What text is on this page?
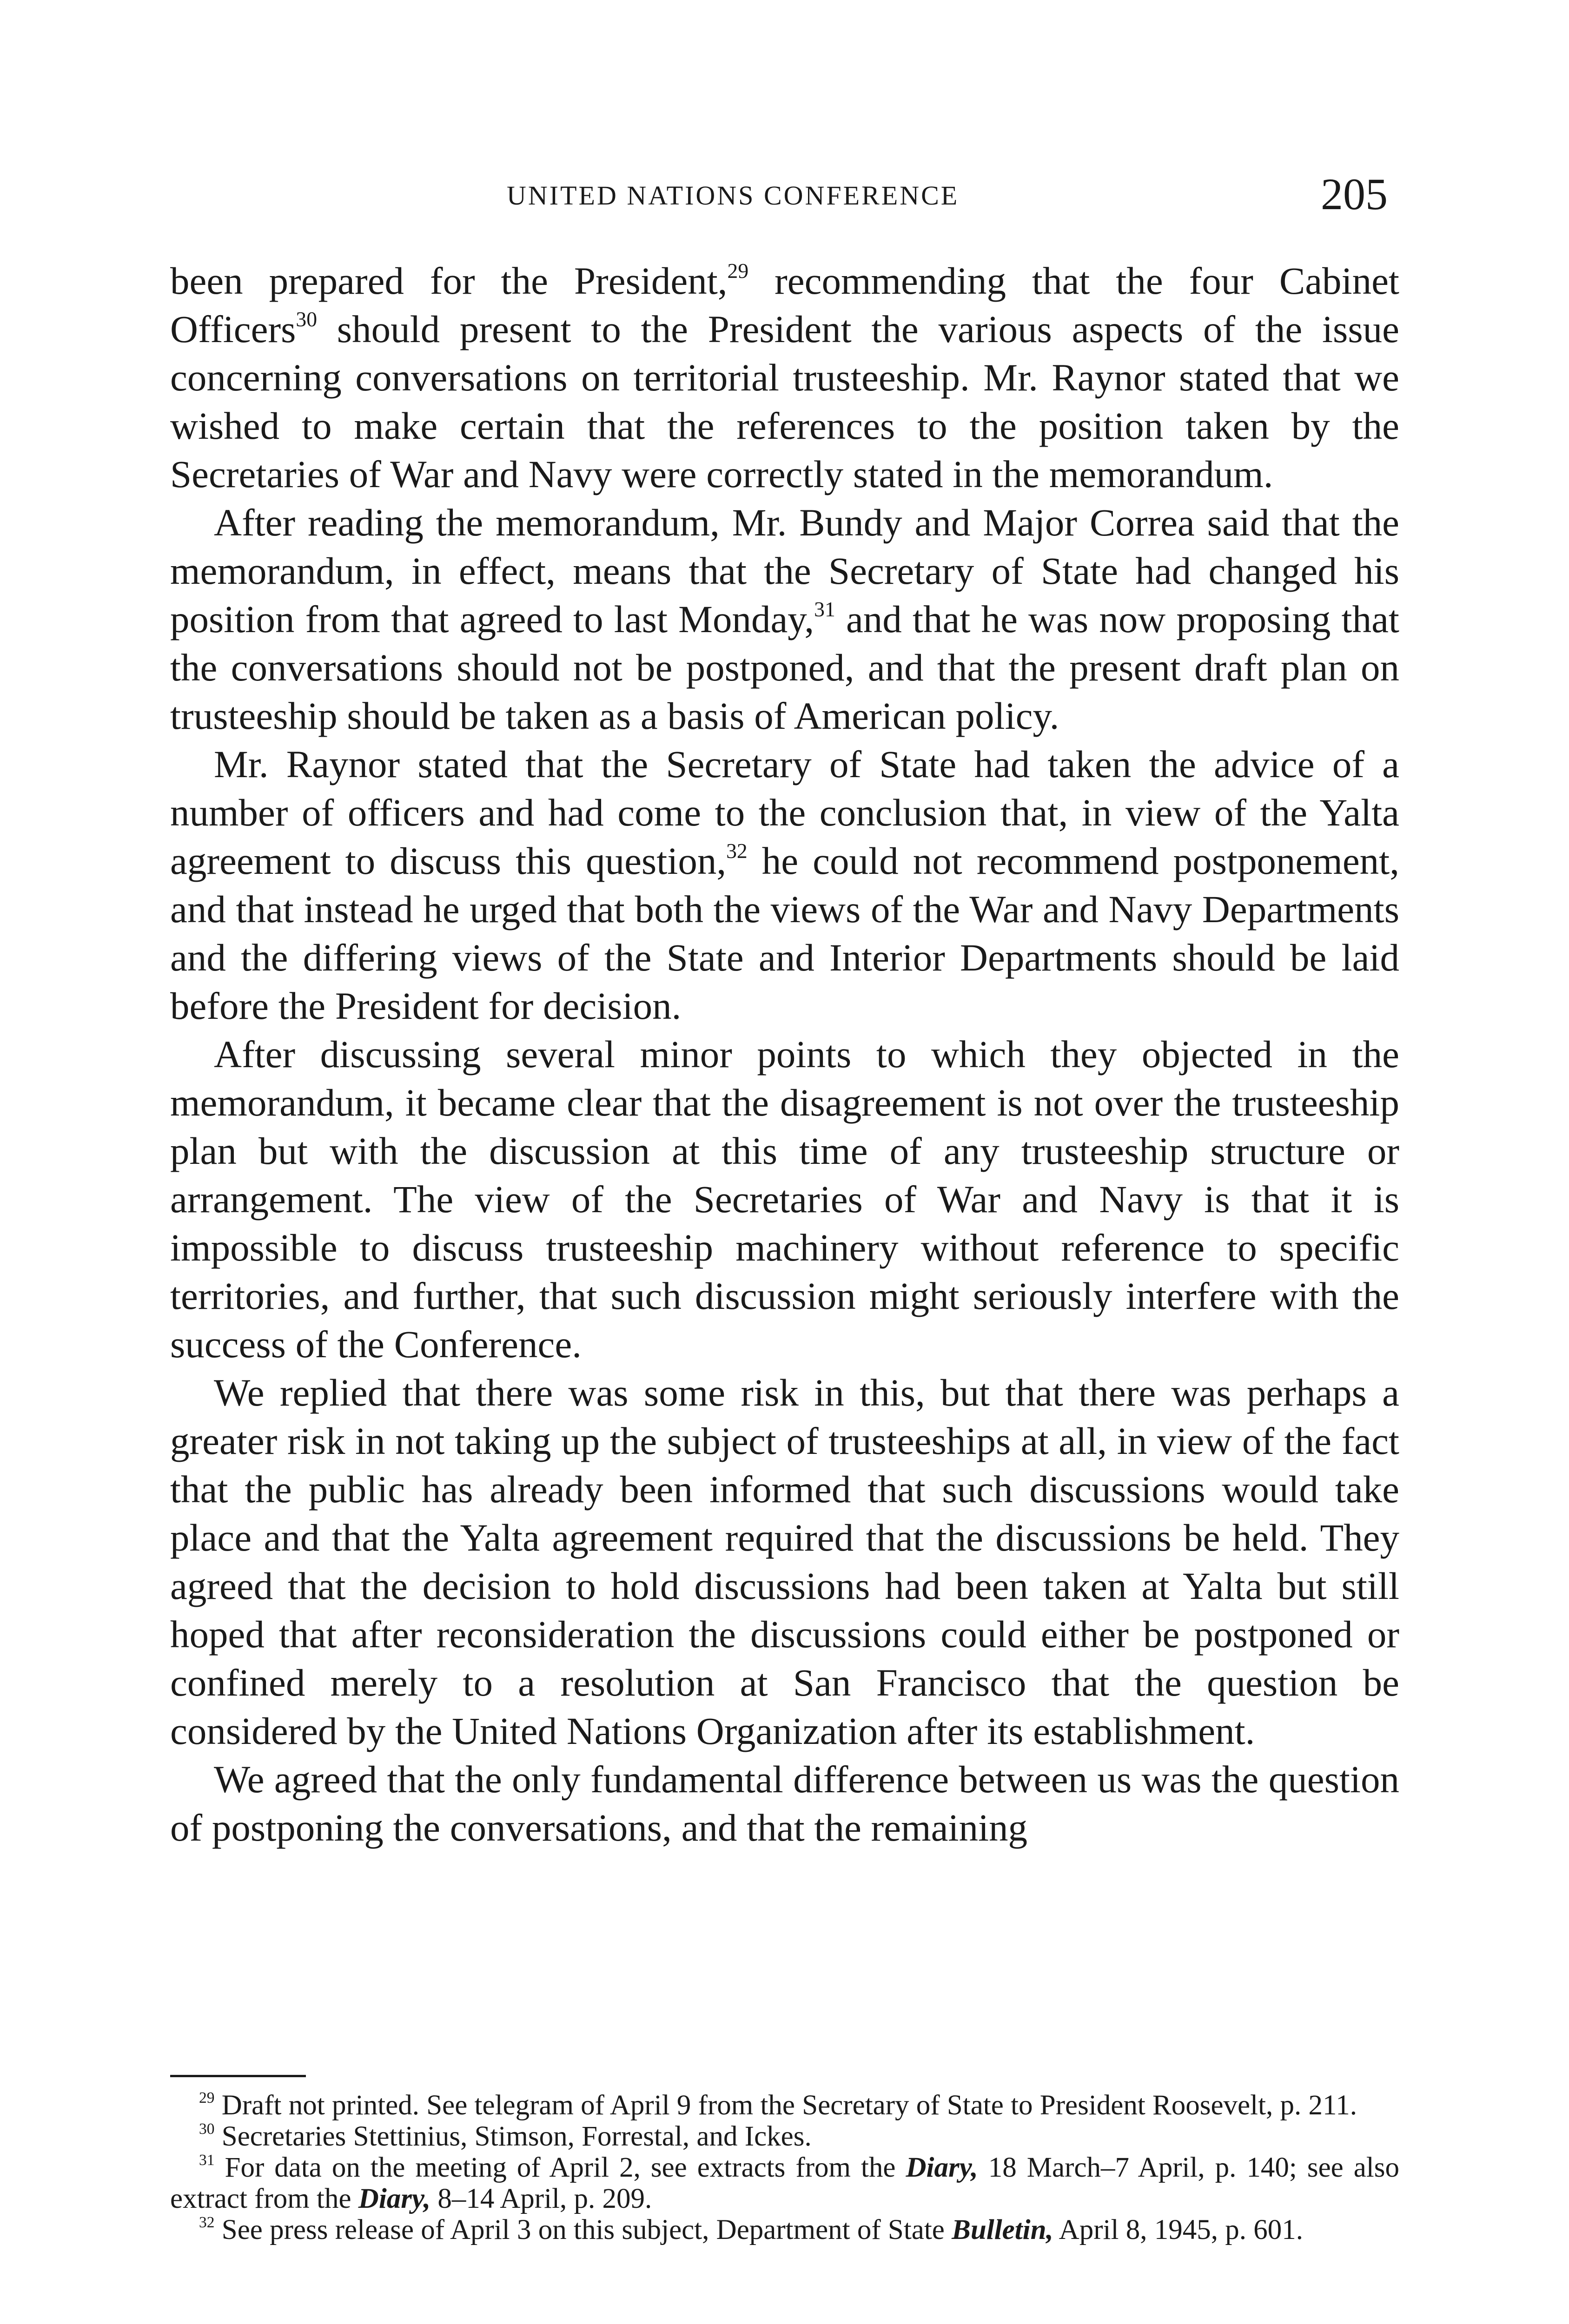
UNITED NATIONS CONFERENCE	205

been prepared for the President,$^{29}$ recommending that the four Cabinet Officers$^{30}$ should present to the President the various aspects of the issue concerning conversations on territorial trusteeship. Mr. Raynor stated that we wished to make certain that the references to the position taken by the Secretaries of War and Navy were correctly stated in the memorandum.

After reading the memorandum, Mr. Bundy and Major Correa said that the memorandum, in effect, means that the Secretary of State had changed his position from that agreed to last Monday,$^{31}$ and that he was now proposing that the conversations should not be postponed, and that the present draft plan on trusteeship should be taken as a basis of American policy.

Mr. Raynor stated that the Secretary of State had taken the advice of a number of officers and had come to the conclusion that, in view of the Yalta agreement to discuss this question,$^{32}$ he could not recommend postponement, and that instead he urged that both the views of the War and Navy Departments and the differing views of the State and Interior Departments should be laid before the President for decision.

After discussing several minor points to which they objected in the memorandum, it became clear that the disagreement is not over the trusteeship plan but with the discussion at this time of any trusteeship structure or arrangement. The view of the Secretaries of War and Navy is that it is impossible to discuss trusteeship machinery without reference to specific territories, and further, that such discussion might seriously interfere with the success of the Conference.

We replied that there was some risk in this, but that there was perhaps a greater risk in not taking up the subject of trusteeships at all, in view of the fact that the public has already been informed that such discussions would take place and that the Yalta agreement required that the discussions be held. They agreed that the decision to hold discussions had been taken at Yalta but still hoped that after reconsideration the discussions could either be postponed or confined merely to a resolution at San Francisco that the question be considered by the United Nations Organization after its establishment.

We agreed that the only fundamental difference between us was the question of postponing the conversations, and that the remaining

$^{29}$ Draft not printed. See telegram of April 9 from the Secretary of State to President Roosevelt, p. 211.

$^{30}$ Secretaries Stettinius, Stimson, Forrestal, and Ickes.

$^{31}$ For data on the meeting of April 2, see extracts from the Diary, 18 March–7 April, p. 140; see also extract from the Diary, 8–14 April, p. 209.

$^{32}$ See press release of April 3 on this subject, Department of State Bulletin, April 8, 1945, p. 601.
